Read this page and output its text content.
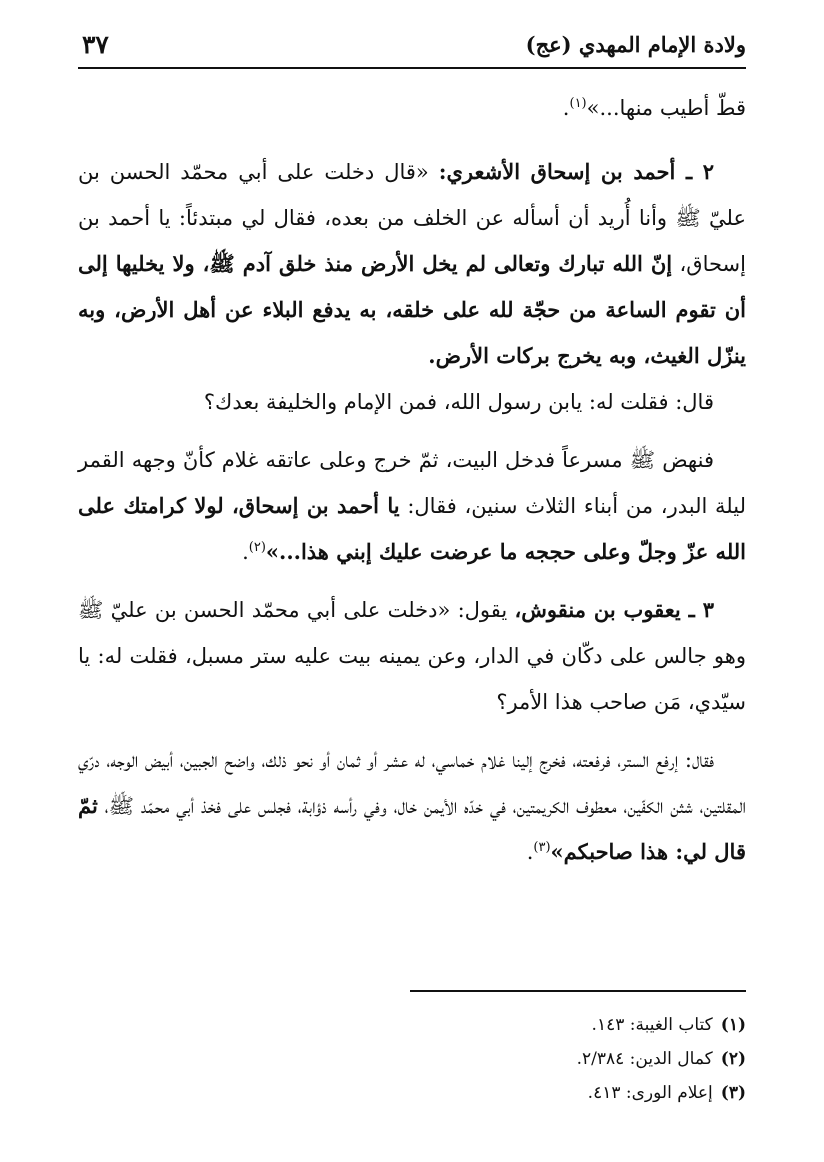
ولادة الإمام المهدي (عج)
٣٧

قطّ أطيب منها...»$^{(١)}$.

٢ ـ أحمد بن إسحاق الأشعري: «قال دخلت على أبي محمّد الحسن بن عليّ ﷺ وأنا أُريد أن أسأله عن الخلف من بعده، فقال لي مبتدئاً: يا أحمد بن إسحاق، إنّ الله تبارك وتعالى لم يخل الأرض منذ خلق آدم ﷺ، ولا يخليها إلى أن تقوم الساعة من حجّة لله على خلقه، به يدفع البلاء عن أهل الأرض، وبه ينزّل الغيث، وبه يخرج بركات الأرض.

قال: فقلت له: يابن رسول الله، فمن الإمام والخليفة بعدك؟

فنهض ﷺ مسرعاً فدخل البيت، ثمّ خرج وعلى عاتقه غلام كأنّ وجهه القمر ليلة البدر، من أبناء الثلاث سنين، فقال: يا أحمد بن إسحاق، لولا كرامتك على الله عزّ وجلّ وعلى حججه ما عرضت عليك إبني هذا...»$^{(٢)}$.

٣ ـ يعقوب بن منقوش، يقول: «دخلت على أبي محمّد الحسن بن عليّ ﷺ وهو جالس على دكّان في الدار، وعن يمينه بيت عليه ستر مسبل، فقلت له: يا سيّدي، مَن صاحب هذا الأمر؟

فقال: إرفع الستر، فرفعته، فخرج إلينا غلام خماسي، له عشر أو ثمان أو نحو ذلك، واضح الجبين، أبيض الوجه، درّي المقلتين، شثن الكفّين، معطوف الكريمتين، في خدّه الأيمن خال، وفي رأسه ذؤابة، فجلس على فخذ أبي محمّد ﷺ، ثمّ قال لي: هذا صاحبكم»$^{(٣)}$.

(١)كتاب الغيبة: ١٤٣.
(٢)كمال الدين: ٢/٣٨٤.
(٣)إعلام الورى: ٤١٣.
